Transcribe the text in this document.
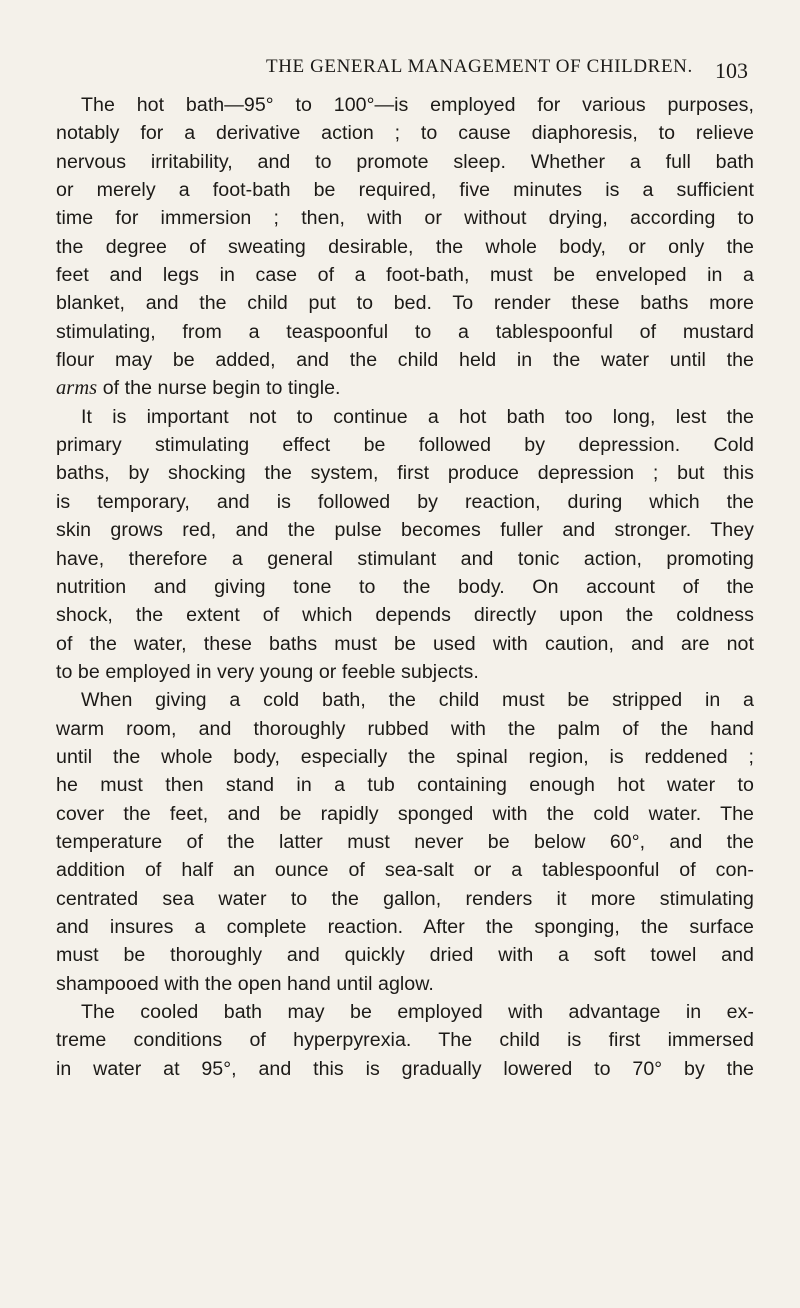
THE GENERAL MANAGEMENT OF CHILDREN. 103
The hot bath—95° to 100°—is employed for various purposes,
notably for a derivative action ; to cause diaphoresis, to relieve
nervous irritability, and to promote sleep. Whether a full bath
or merely a foot-bath be required, five minutes is a sufficient
time for immersion ; then, with or without drying, according to
the degree of sweating desirable, the whole body, or only the
feet and legs in case of a foot-bath, must be enveloped in a
blanket, and the child put to bed. To render these baths more
stimulating, from a teaspoonful to a tablespoonful of mustard
flour may be added, and the child held in the water until the
arms of the nurse begin to tingle.
It is important not to continue a hot bath too long, lest the
primary stimulating effect be followed by depression. Cold
baths, by shocking the system, first produce depression ; but this
is temporary, and is followed by reaction, during which the
skin grows red, and the pulse becomes fuller and stronger. They
have, therefore a general stimulant and tonic action, promoting
nutrition and giving tone to the body. On account of the
shock, the extent of which depends directly upon the coldness
of the water, these baths must be used with caution, and are not
to be employed in very young or feeble subjects.
When giving a cold bath, the child must be stripped in a
warm room, and thoroughly rubbed with the palm of the hand
until the whole body, especially the spinal region, is reddened ;
he must then stand in a tub containing enough hot water to
cover the feet, and be rapidly sponged with the cold water. The
temperature of the latter must never be below 60°, and the
addition of half an ounce of sea-salt or a tablespoonful of con-
centrated sea water to the gallon, renders it more stimulating
and insures a complete reaction. After the sponging, the surface
must be thoroughly and quickly dried with a soft towel and
shampooed with the open hand until aglow.
The cooled bath may be employed with advantage in ex-
treme conditions of hyperpyrexia. The child is first immersed
in water at 95°, and this is gradually lowered to 70° by the
